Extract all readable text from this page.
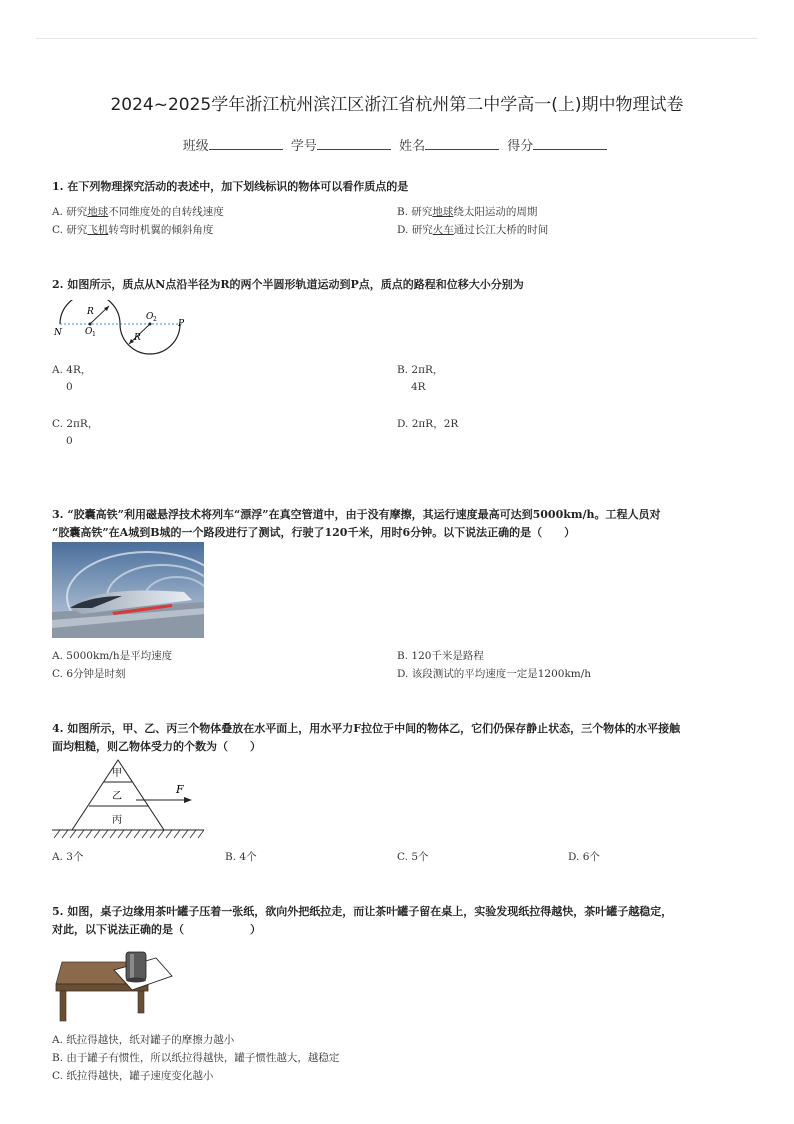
2024~2025学年浙江杭州滨江区浙江省杭州第二中学高一(上)期中物理试卷
班级	学号	姓名	得分
1. 在下列物理探究活动的表述中，加下划线标识的物体可以看作质点的是
A. 研究地球不同维度处的自转线速度	B. 研究地球绕太阳运动的周期
C. 研究飞机转弯时机翼的倾斜角度	D. 研究火车通过长江大桥的时间
2. 如图所示，质点从N点沿半径为R的两个半圆形轨道运动到P点，质点的路程和位移大小分别为
N
P
R
R
O 1
O 2
A. 4R，
0
B. 2πR，
4R
C. 2πR，
0
D. 2πR，2R
3. “胶囊高铁”利用磁悬浮技术将列车“漂浮”在真空管道中，由于没有摩擦，其运行速度最高可达到5000km/h。工程人员对
“胶囊高铁”在A城到B城的一个路段进行了测试，行驶了120千米，用时6分钟。以下说法正确的是（　　）
A. 5000km/h是平均速度	B. 120千米是路程
C. 6分钟是时刻	D. 该段测试的平均速度一定是1200km/h
4. 如图所示，甲、乙、丙三个物体叠放在水平面上，用水平力F拉位于中间的物体乙，它们仍保存静止状态，三个物体的水平接触
面均粗糙，则乙物体受力的个数为（　　）
甲
乙
丙
F
A. 3个	B. 4个	C. 5个	D. 6个
5. 如图，桌子边缘用茶叶罐子压着一张纸，欲向外把纸拉走，而让茶叶罐子留在桌上，实验发现纸拉得越快，茶叶罐子越稳定，
对此，以下说法正确的是（　　　　　　）
A. 纸拉得越快，纸对罐子的摩擦力越小
B. 由于罐子有惯性，所以纸拉得越快，罐子惯性越大，越稳定
C. 纸拉得越快，罐子速度变化越小
